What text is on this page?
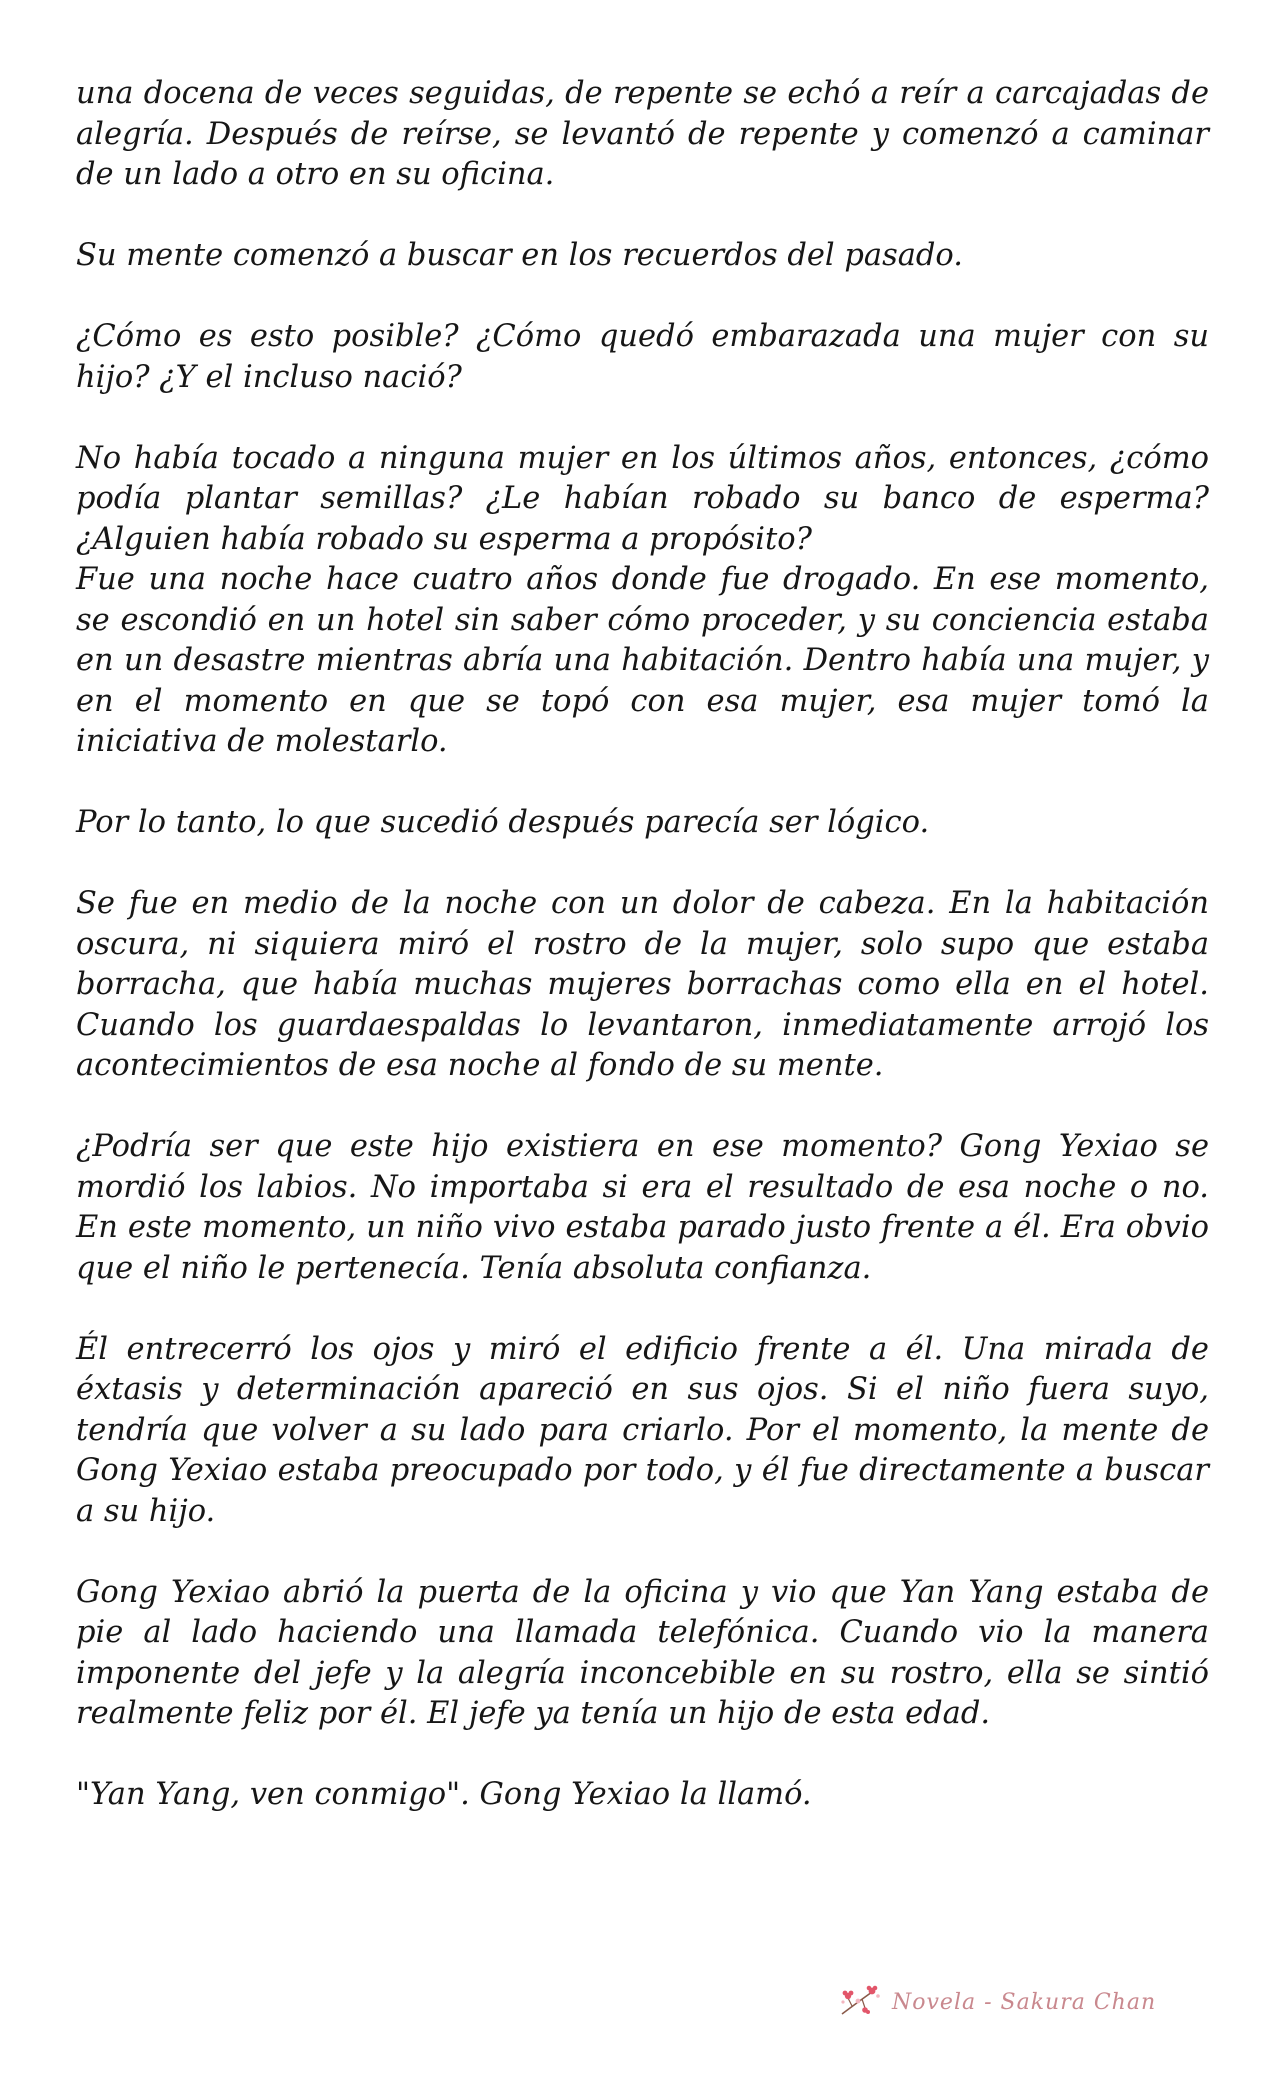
una docena de veces seguidas, de repente se echó a reír a carcajadas de alegría. Después de reírse, se levantó de repente y comenzó a caminar de un lado a otro en su oficina.

Su mente comenzó a buscar en los recuerdos del pasado.

¿Cómo es esto posible? ¿Cómo quedó embarazada una mujer con su hijo? ¿Y el incluso nació?

No había tocado a ninguna mujer en los últimos años, entonces, ¿cómo podía plantar semillas? ¿Le habían robado su banco de esperma? ¿Alguien había robado su esperma a propósito?

Fue una noche hace cuatro años donde fue drogado. En ese momento, se escondió en un hotel sin saber cómo proceder, y su conciencia estaba en un desastre mientras abría una habitación. Dentro había una mujer, y en el momento en que se topó con esa mujer, esa mujer tomó la iniciativa de molestarlo.

Por lo tanto, lo que sucedió después parecía ser lógico.

Se fue en medio de la noche con un dolor de cabeza. En la habitación oscura, ni siquiera miró el rostro de la mujer, solo supo que estaba borracha, que había muchas mujeres borrachas como ella en el hotel. Cuando los guardaespaldas lo levantaron, inmediatamente arrojó los acontecimientos de esa noche al fondo de su mente.

¿Podría ser que este hijo existiera en ese momento? Gong Yexiao se mordió los labios. No importaba si era el resultado de esa noche o no. En este momento, un niño vivo estaba parado justo frente a él. Era obvio que el niño le pertenecía. Tenía absoluta confianza.

Él entrecerró los ojos y miró el edificio frente a él. Una mirada de éxtasis y determinación apareció en sus ojos. Si el niño fuera suyo, tendría que volver a su lado para criarlo. Por el momento, la mente de Gong Yexiao estaba preocupado por todo, y él fue directamente a buscar a su hijo.

Gong Yexiao abrió la puerta de la oficina y vio que Yan Yang estaba de pie al lado haciendo una llamada telefónica. Cuando vio la manera imponente del jefe y la alegría inconcebible en su rostro, ella se sintió realmente feliz por él. El jefe ya tenía un hijo de esta edad.

"Yan Yang, ven conmigo". Gong Yexiao la llamó.

Novela - Sakura Chan
